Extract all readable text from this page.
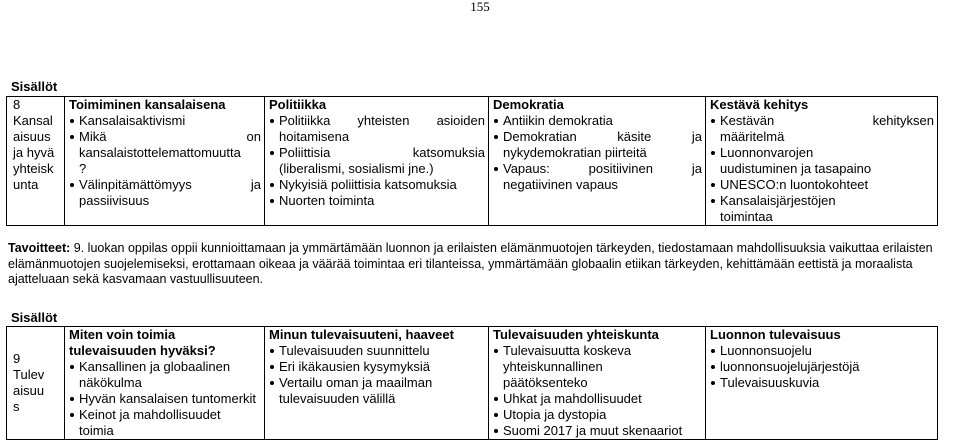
155
Sisällöt
8
Kansal
aisuus
ja hyvä
yhteisk
unta

Toimiminen kansalaisena
Kansalaisaktivismi
Mikä on
kansalaistottelemattomuutta
?
Välinpitämättömyys ja
passiivisuus

Politiikka
Politiikka yhteisten asioiden
hoitamisena
Poliittisia katsomuksia
(liberalismi, sosialismi jne.)
Nykyisiä poliittisia katsomuksia
Nuorten toiminta

Demokratia
Antiikin demokratia
Demokratian käsite ja
nykydemokratian piirteitä
Vapaus: positiivinen ja
negatiivinen vapaus

Kestävä kehitys
Kestävän kehityksen
määritelmä
Luonnonvarojen
uudistuminen ja tasapaino
UNESCO:n luontokohteet
Kansalaisjärjestöjen
toimintaa

Tavoitteet: 9. luokan oppilas oppii kunnioittamaan ja ymmärtämään luonnon ja erilaisten elämänmuotojen tärkeyden, tiedostamaan mahdollisuuksia vaikuttaa erilaisten elämänmuotojen suojelemiseksi, erottamaan oikeaa ja väärää toimintaa eri tilanteissa, ymmärtämään globaalin etiikan tärkeyden, kehittämään eettistä ja moraalista ajatteluaan sekä kasvamaan vastuullisuuteen.

Sisällöt
9
Tulev
aisuu
s

Miten voin toimia
tulevaisuuden hyväksi?
Kansallinen ja globaalinen
näkökulma
Hyvän kansalaisen tuntomerkit
Keinot ja mahdollisuudet
toimia

Minun tulevaisuuteni, haaveet
Tulevaisuuden suunnittelu
Eri ikäkausien kysymyksiä
Vertailu oman ja maailman
tulevaisuuden välillä

Tulevaisuuden yhteiskunta
Tulevaisuutta koskeva
yhteiskunnallinen
päätöksenteko
Uhkat ja mahdollisuudet
Utopia ja dystopia
Suomi 2017 ja muut skenaariot

Luonnon tulevaisuus
Luonnonsuojelu
luonnonsuojelujärjestöjä
Tulevaisuuskuvia
